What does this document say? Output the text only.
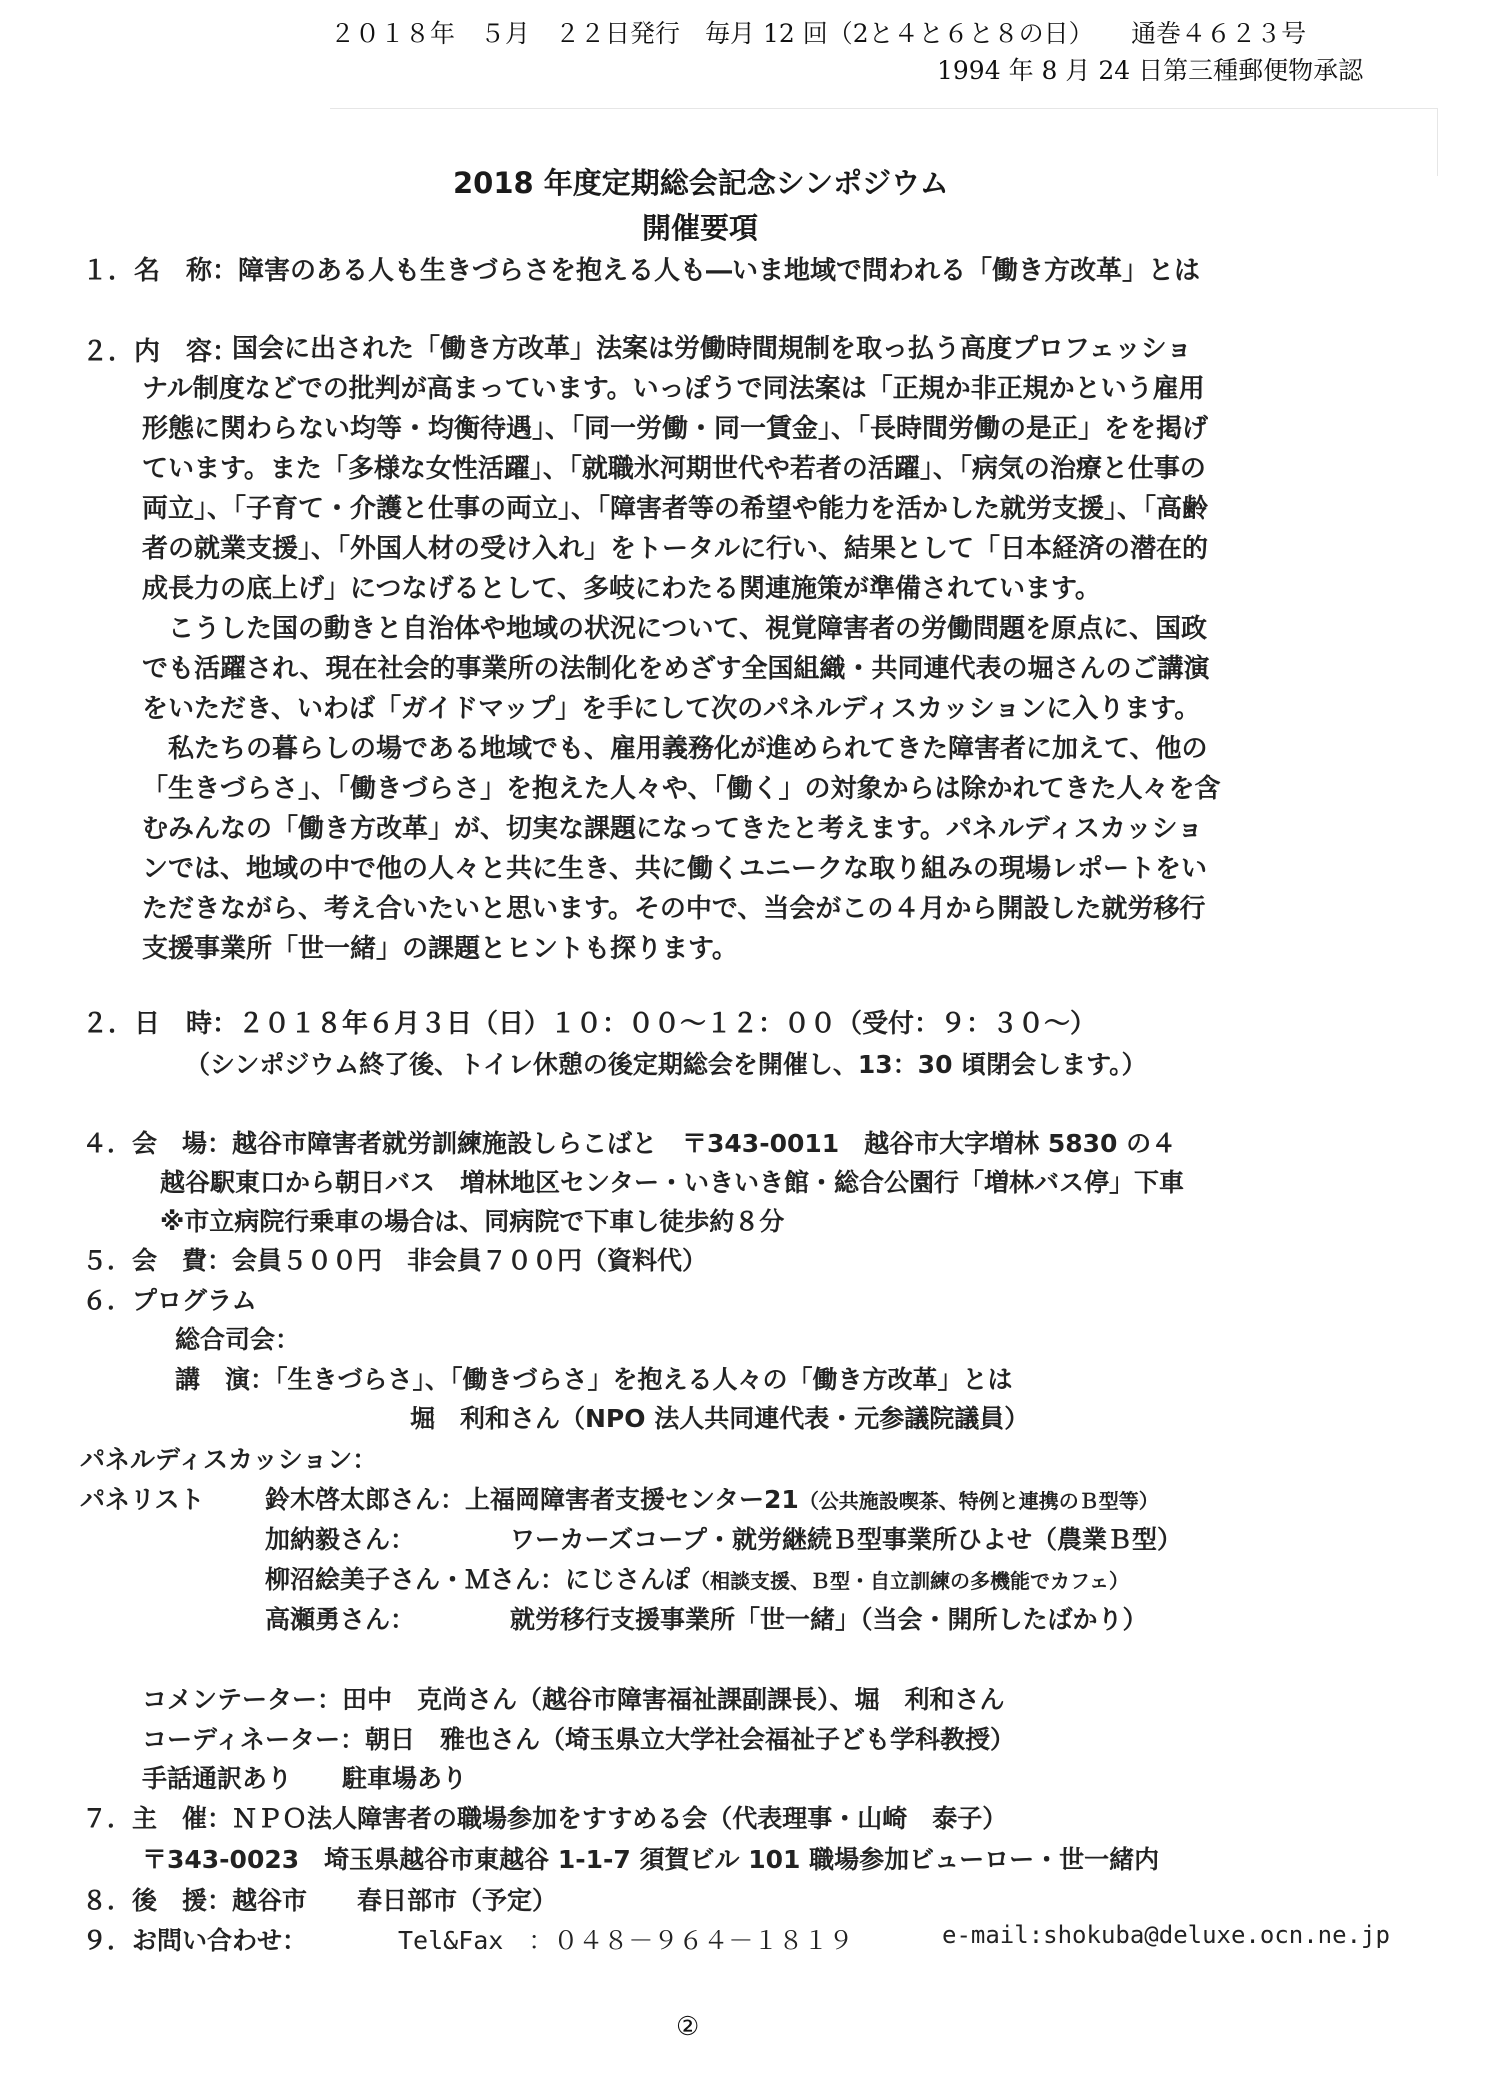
２０１８年　５月　２２日発行　毎月 12 回（2と４と６と８の日）　　通巻４６２３号
1994 年 8 月 24 日第三種郵便物承認
2018 年度定期総会記念シンポジウム
開催要項
１．名　称：障害のある人も生きづらさを抱える人も―いま地域で問われる「働き方改革」とは
２．内　容：
国会に出された「働き方改革」法案は労働時間規制を取っ払う高度プロフェッショ
ナル制度などでの批判が高まっています。いっぽうで同法案は「正規か非正規かという雇用
形態に関わらない均等・均衡待遇」、「同一労働・同一賃金」、「長時間労働の是正」をを掲げ
ています。また「多様な女性活躍」、「就職氷河期世代や若者の活躍」、「病気の治療と仕事の
両立」、「子育て・介護と仕事の両立」、「障害者等の希望や能力を活かした就労支援」、「高齢
者の就業支援」、「外国人材の受け入れ」をトータルに行い、結果として「日本経済の潜在的
成長力の底上げ」につなげるとして、多岐にわたる関連施策が準備されています。
　こうした国の動きと自治体や地域の状況について、視覚障害者の労働問題を原点に、国政
でも活躍され、現在社会的事業所の法制化をめざす全国組織・共同連代表の堀さんのご講演
をいただき、いわば「ガイドマップ」を手にして次のパネルディスカッションに入ります。
　私たちの暮らしの場である地域でも、雇用義務化が進められてきた障害者に加えて、他の
「生きづらさ」、「働きづらさ」を抱えた人々や、「働く」の対象からは除かれてきた人々を含
むみんなの「働き方改革」が、切実な課題になってきたと考えます。パネルディスカッショ
ンでは、地域の中で他の人々と共に生き、共に働くユニークな取り組みの現場レポートをい
ただきながら、考え合いたいと思います。その中で、当会がこの４月から開設した就労移行
支援事業所「世一緒」の課題とヒントも探ります。
２．日　時：２０１８年６月３日（日）１０：００～１２：００（受付：９：３０～）
（シンポジウム終了後、トイレ休憩の後定期総会を開催し、13：30 頃閉会します。）
４．会　場：越谷市障害者就労訓練施設しらこばと　〒343-0011　越谷市大字増林 5830 の４
越谷駅東口から朝日バス　増林地区センター・いきいき館・総合公園行「増林バス停」下車
※市立病院行乗車の場合は、同病院で下車し徒歩約８分
５．会　費：会員５００円　非会員７００円（資料代）
６．プログラム
総合司会：
講　演：「生きづらさ」、「働きづらさ」を抱える人々の「働き方改革」とは
堀　利和さん（NPO 法人共同連代表・元参議院議員）
パネルディスカッション：
パネリスト 鈴木啓太郎さん：上福岡障害者支援センター21（公共施設喫茶、特例と連携のＢ型等）
加納毅さん：	ワーカーズコープ・就労継続Ｂ型事業所ひよせ（農業Ｂ型）
柳沼絵美子さん・Ｍさん：にじさんぽ（相談支援、Ｂ型・自立訓練の多機能でカフェ）
高瀬勇さん：	就労移行支援事業所「世一緒」（当会・開所したばかり）
コメンテーター：田中　克尚さん（越谷市障害福祉課副課長）、堀　利和さん
コーディネーター：朝日　雅也さん（埼玉県立大学社会福祉子ども学科教授）
手話通訳あり　　駐車場あり
７．主　催：ＮＰＯ法人障害者の職場参加をすすめる会（代表理事・山崎　泰子）
〒343-0023　埼玉県越谷市東越谷 1-1-7 須賀ビル 101 職場参加ビューロー・世一緒内
８．後　援：越谷市　　春日部市（予定）
９．お問い合わせ：	Tel&Fax　：０４８－９６４－１８１９	e-mail:shokuba@deluxe.ocn.ne.jp
②
